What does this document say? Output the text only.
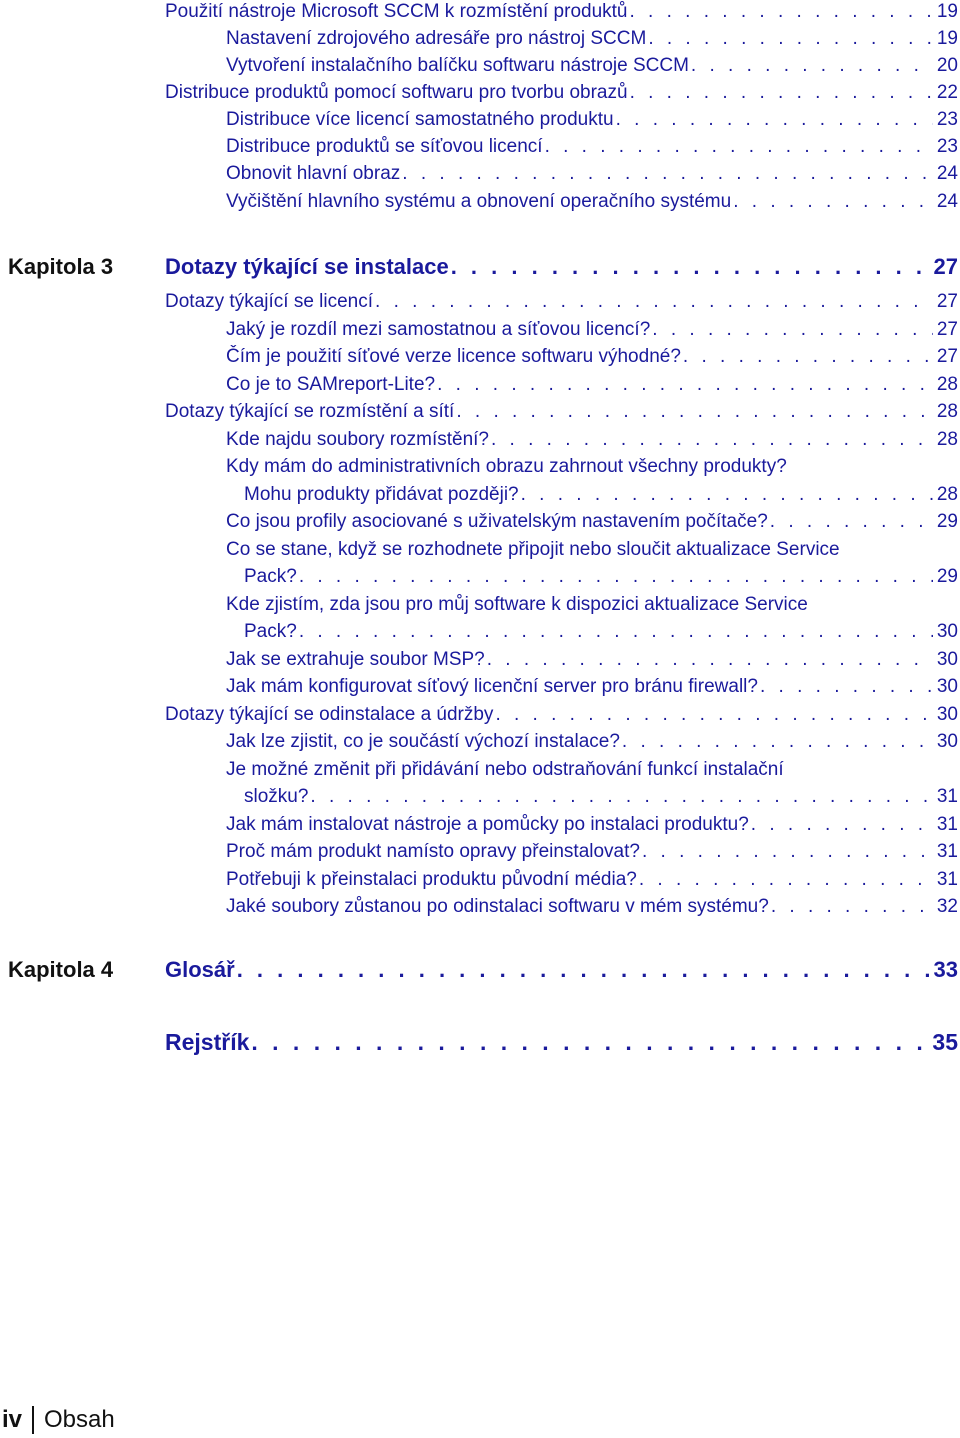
Použití nástroje Microsoft SCCM k rozmístění produktů . . .	19
Nastavení zdrojového adresáře pro nástroj SCCM . . .	19
Vytvoření instalačního balíčku softwaru nástroje SCCM . . .	20
Distribuce produktů pomocí softwaru pro tvorbu obrazů . . .	22
Distribuce více licencí samostatného produktu . . .	23
Distribuce produktů se síťovou licencí . . .	23
Obnovit hlavní obraz . . .	24
Vyčištění hlavního systému a obnovení operačního systému . . .	24
Kapitola 3 Dotazy týkající se instalace . . .	27
Dotazy týkající se licencí . . .	27
Jaký je rozdíl mezi samostatnou a síťovou licencí? . . .	27
Čím je použití síťové verze licence softwaru výhodné? . . .	27
Co je to SAMreport-Lite? . . .	28
Dotazy týkající se rozmístění a sítí . . .	28
Kde najdu soubory rozmístění? . . .	28
Kdy mám do administrativních obrazu zahrnout všechny produkty?
Mohu produkty přidávat později? . . .	28
Co jsou profily asociované s uživatelským nastavením počítače? . . .	29
Co se stane, když se rozhodnete připojit nebo sloučit aktualizace Service
Pack? . . .	29
Kde zjistím, zda jsou pro můj software k dispozici aktualizace Service
Pack? . . .	30
Jak se extrahuje soubor MSP? . . .	30
Jak mám konfigurovat síťový licenční server pro bránu firewall? . . .	30
Dotazy týkající se odinstalace a údržby . . .	30
Jak lze zjistit, co je součástí výchozí instalace? . . .	30
Je možné změnit při přidávání nebo odstraňování funkcí instalační
složku? . . .	31
Jak mám instalovat nástroje a pomůcky po instalaci produktu? . . .	31
Proč mám produkt namísto opravy přeinstalovat? . . .	31
Potřebuji k přeinstalaci produktu původní média? . . .	31
Jaké soubory zůstanou po odinstalaci softwaru v mém systému? . . .	32
Kapitola 4 Glosář . . .	33
Rejstřík . . .	35
iv Obsah
